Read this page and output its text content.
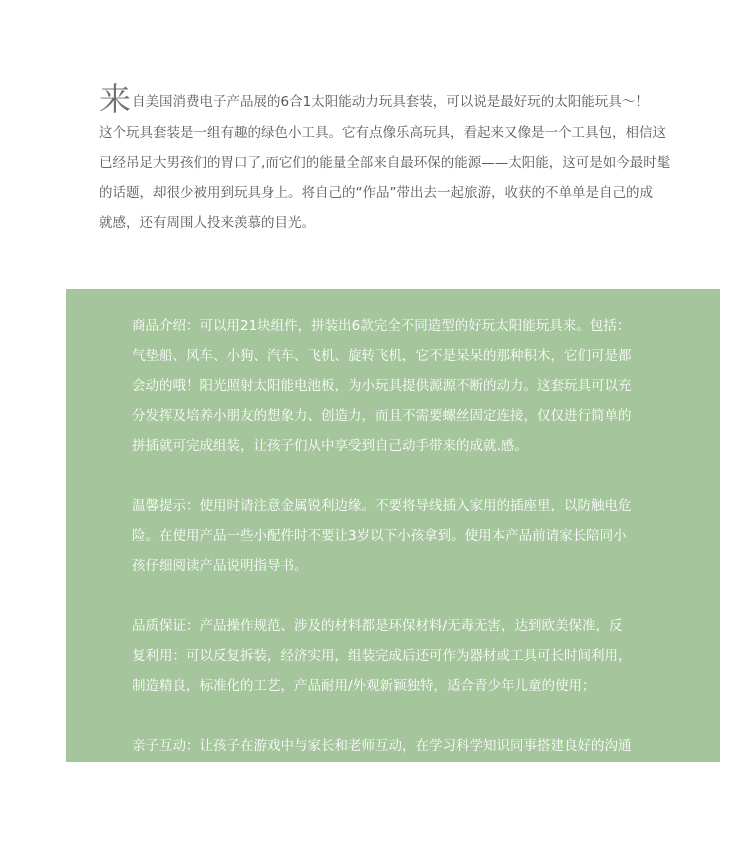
来自美国消费电子产品展的6合1太阳能动力玩具套装，可以说是最好玩的太阳能玩具～！
这个玩具套装是一组有趣的绿色小工具。它有点像乐高玩具，看起来又像是一个工具包，相信这
已经吊足大男孩们的胃口了,而它们的能量全部来自最环保的能源——太阳能，这可是如今最时髦
的话题，却很少被用到玩具身上。将自己的“作品”带出去一起旅游，收获的不单单是自己的成
就感，还有周围人投来羡慕的目光。
商品介绍：可以用21块组件，拼装出6款完全不同造型的好玩太阳能玩具来。包括：
气垫船、风车、小狗、汽车、飞机、旋转飞机，它不是呆呆的那种积木，它们可是都
会动的哦！阳光照射太阳能电池板，为小玩具提供源源不断的动力。这套玩具可以充
分发挥及培养小朋友的想象力、创造力，而且不需要螺丝固定连接，仅仅进行简单的
拼插就可完成组装，让孩子们从中享受到自己动手带来的成就.感。
温馨提示：使用时请注意金属锐利边缘。不要将导线插入家用的插座里，以防触电危
险。在使用产品一些小配件时不要让3岁以下小孩拿到。使用本产品前请家长陪同小
孩仔细阅读产品说明指导书。
品质保证：产品操作规范、涉及的材料都是环保材料/无毒无害，达到欧美保准，反
复利用：可以反复拆装，经济实用，组装完成后还可作为器材或工具可长时间利用，
制造精良，标准化的工艺，产品耐用/外观新颖独特，适合青少年儿童的使用；
亲子互动：让孩子在游戏中与家长和老师互动，在学习科学知识同事搭建良好的沟通
